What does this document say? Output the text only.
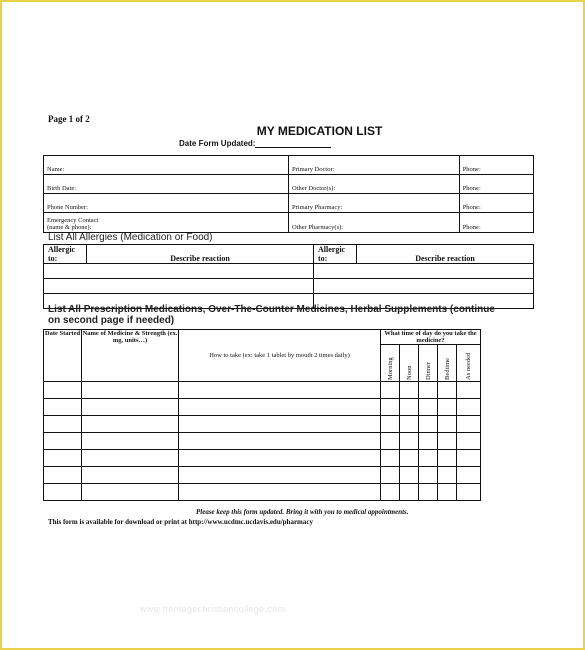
Page 1 of 2
MY MEDICATION LIST
Date Form Updated:
Name:	Primary Doctor:	Phone:
Birth Date:	Other Doctor(s):	Phone:
Phone Number:	Primary Pharmacy:	Phone:
Emergency Contact
(name & phone):	Other Pharmacy(s):	Phone:
List All Allergies (Medication or Food)
Allergic to:	Describe reaction	Allergic to:	Describe reaction

List All Prescription Medications, Over-The-Counter Medicines, Herbal Supplements (continue on second page if needed)
Date Started	Name of Medicine & Strength (ex. mg, units…)	How to take (ex: take 1 tablet by mouth 2 times daily)	What time of day do you take the medicine?				

			Morning	Noon	Dinner	Bedtime	As needed

Please keep this form updated. Bring it with you to medical appointments.
This form is available for download or print at http://www.ucdmc.ucdavis.edu/pharmacy
www.heritagechristiancollege.com
